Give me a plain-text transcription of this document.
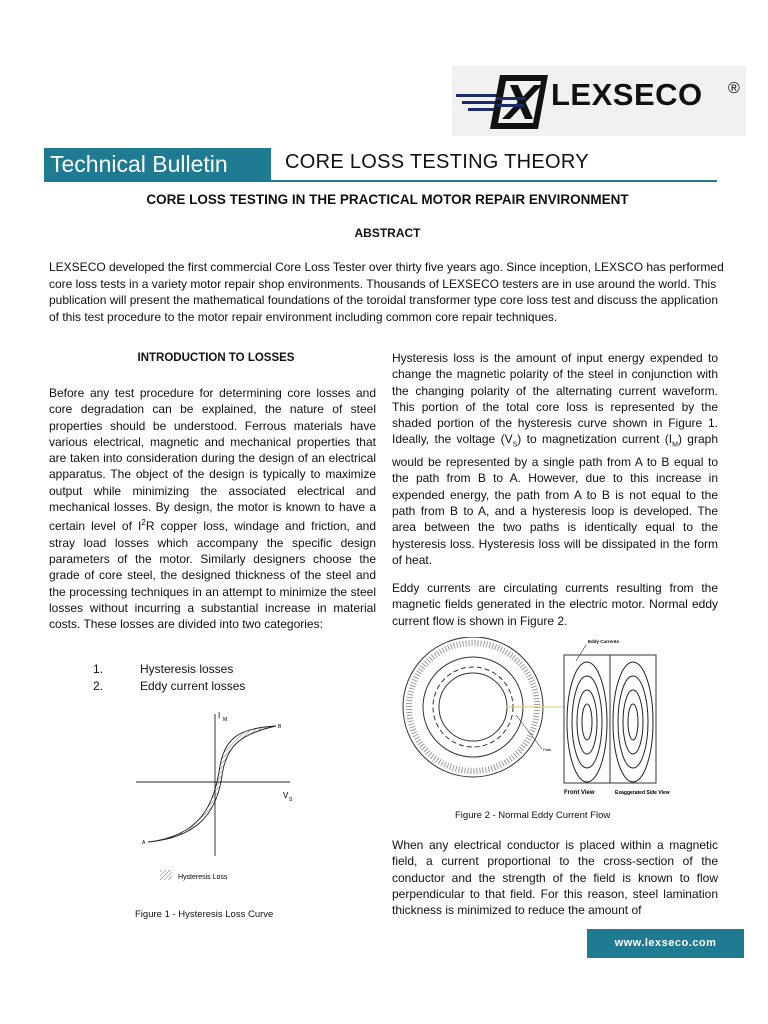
X
LEXSECO ®
Technical Bulletin	CORE LOSS TESTING THEORY
CORE LOSS TESTING IN THE PRACTICAL MOTOR REPAIR ENVIRONMENT
ABSTRACT
LEXSECO developed the first commercial Core Loss Tester over thirty five years ago. Since inception, LEXSCO has performed core loss tests in a variety motor repair shop environments. Thousands of LEXSECO testers are in use around the world. This publication will present the mathematical foundations of the toroidal transformer type core loss test and discuss the application of this test procedure to the motor repair environment including common core repair techniques.
INTRODUCTION TO LOSSES
Before any test procedure for determining core losses and core degradation can be explained, the nature of steel properties should be understood. Ferrous materials have various electrical, magnetic and mechanical properties that are taken into consideration during the design of an electrical apparatus. The object of the design is typically to maximize output while minimizing the associated electrical and mechanical losses. By design, the motor is known to have a certain level of $I^2R$ copper loss, windage and friction, and stray load losses which accompany the specific design parameters of the motor. Similarly designers choose the grade of core steel, the designed thickness of the steel and the processing techniques in an attempt to minimize the steel losses without incurring a substantial increase in material costs. These losses are divided into two categories:
1.	Hysteresis losses
2.	Eddy current losses
I M
V S
A
B
Hysteresis Loss
Figure 1 - Hysteresis Loss Curve
Hysteresis loss is the amount of input energy expended to change the magnetic polarity of the steel in conjunction with the changing polarity of the alternating current waveform. This portion of the total core loss is represented by the shaded portion of the hysteresis curve shown in Figure 1. Ideally, the voltage $(V_S)$ to magnetization current $(I_M)$ graph would be represented by a single path from A to B equal to the path from B to A. However, due to this increase in expended energy, the path from A to B is not equal to the path from B to A, and a hysteresis loop is developed. The area between the two paths is identically equal to the hysteresis loss. Hysteresis loss will be dissipated in the form of heat.
Eddy currents are circulating currents resulting from the magnetic fields generated in the electric motor. Normal eddy current flow is shown in Figure 2.
Path
Eddy Currents
Front View	Exaggerated Side View
Figure 2 - Normal Eddy Current Flow
When any electrical conductor is placed within a magnetic field, a current proportional to the cross-section of the conductor and the strength of the field is known to flow perpendicular to that field. For this reason, steel lamination thickness is minimized to reduce the amount of
www.lexseco.com
